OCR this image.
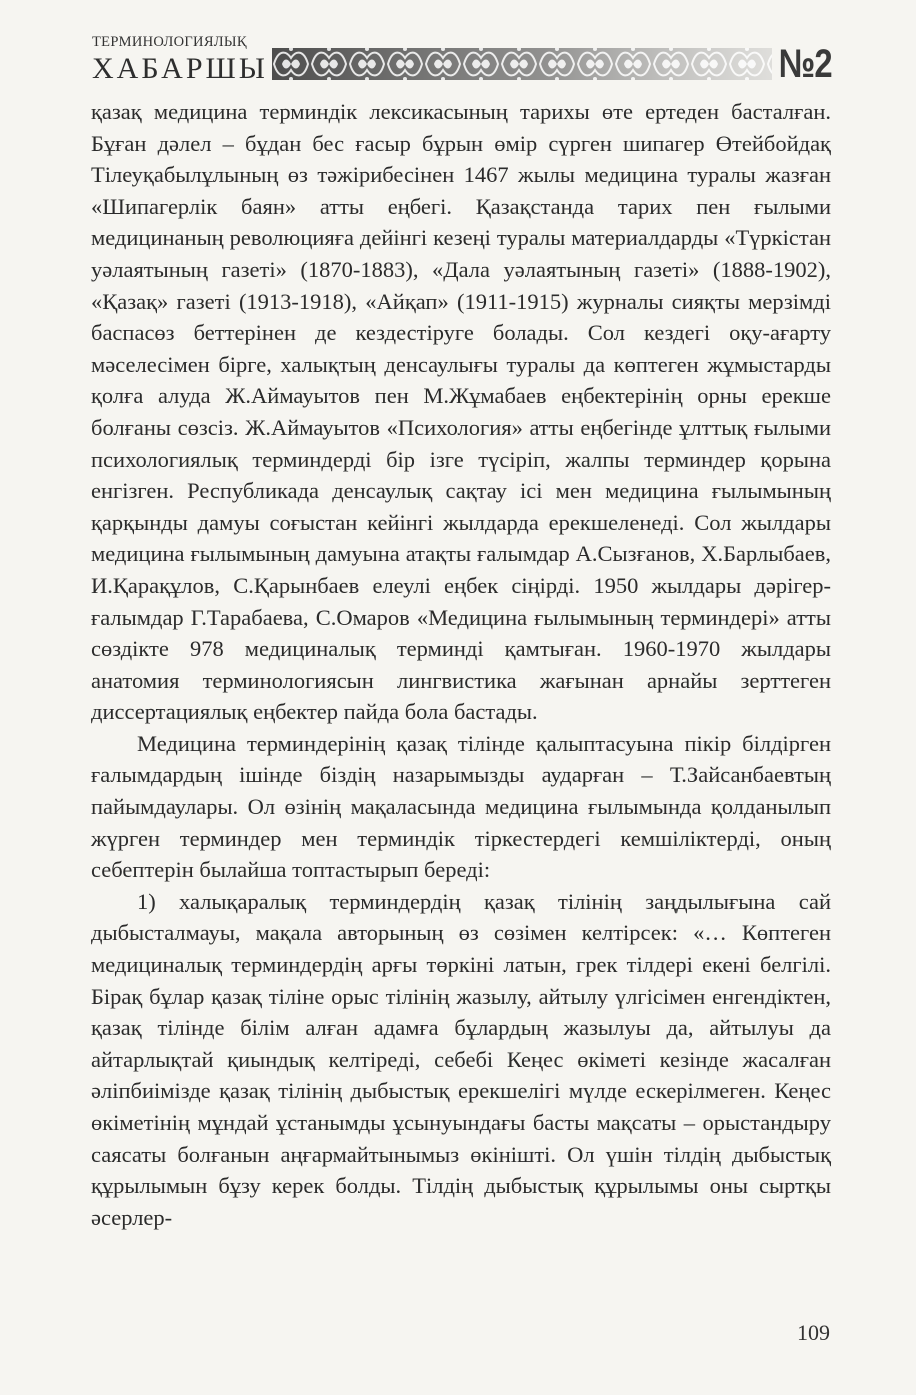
ТЕРМИНОЛОГИЯЛЫҚ
ХАБАРШЫ	№2

қазақ медицина терминдік лексикасының тарихы өте ертеден басталған. Бұған дәлел – бұдан бес ғасыр бұрын өмір сүрген шипагер Өтейбойдақ Тілеуқабылұлының өз тәжірибесінен 1467 жылы медицина туралы жазған «Шипагерлік баян» атты еңбегі. Қазақстанда тарих пен ғылыми медицинаның революцияға дейінгі кезеңі туралы материалдарды «Түркістан уәлаятының газеті» (1870-1883), «Дала уәлаятының газеті» (1888-1902), «Қазақ» газеті (1913-1918), «Айқап» (1911-1915) журналы сияқты мерзімді баспасөз беттерінен де кездестіруге болады. Сол кездегі оқу-ағарту мәселесімен бірге, халықтың денсаулығы туралы да көптеген жұмыстарды қолға алуда Ж.Аймауытов пен М.Жұмабаев еңбектерінің орны ерекше болғаны сөзсіз. Ж.Аймауытов «Психология» атты еңбегінде ұлттық ғылыми психологиялық терминдерді бір ізге түсіріп, жалпы терминдер қорына енгізген. Республикада денсаулық сақтау ісі мен медицина ғылымының қарқынды дамуы соғыстан кейінгі жылдарда ерекшеленеді. Сол жылдары медицина ғылымының дамуына атақты ғалымдар А.Сызғанов, Х.Барлыбаев, И.Қарақұлов, С.Қарынбаев елеулі еңбек сіңірді. 1950 жылдары дәрігер-ғалымдар Г.Тарабаева, С.Омаров «Медицина ғылымының терминдері» атты сөздікте 978 медициналық терминді қамтыған. 1960-1970 жылдары анатомия терминологиясын лингвистика жағынан арнайы зерттеген диссертациялық еңбектер пайда бола бастады.

Медицина терминдерінің қазақ тілінде қалыптасуына пікір білдірген ғалымдардың ішінде біздің назарымызды аударған – Т.Зайсанбаевтың пайымдаулары. Ол өзінің мақаласында медицина ғылымында қолданылып жүрген терминдер мен терминдік тіркестердегі кемшіліктерді, оның себептерін былайша топтастырып береді:

1) халықаралық терминдердің қазақ тілінің заңдылығына сай дыбысталмауы, мақала авторының өз сөзімен келтірсек: «… Көптеген медициналық терминдердің арғы төркіні латын, грек тілдері екені белгілі. Бірақ бұлар қазақ тіліне орыс тілінің жазылу, айтылу үлгісімен енгендіктен, қазақ тілінде білім алған адамға бұлардың жазылуы да, айтылуы да айтарлықтай қиындық келтіреді, себебі Кеңес өкіметі кезінде жасалған әліпбиімізде қазақ тілінің дыбыстық ерекшелігі мүлде ескерілмеген. Кеңес өкіметінің мұндай ұстанымды ұсынуындағы басты мақсаты – орыстандыру саясаты болғанын аңғармайтынымыз өкінішті. Ол үшін тілдің дыбыстық құрылымын бұзу керек болды. Тілдің дыбыстық құрылымы оны сыртқы әсерлер-

109
